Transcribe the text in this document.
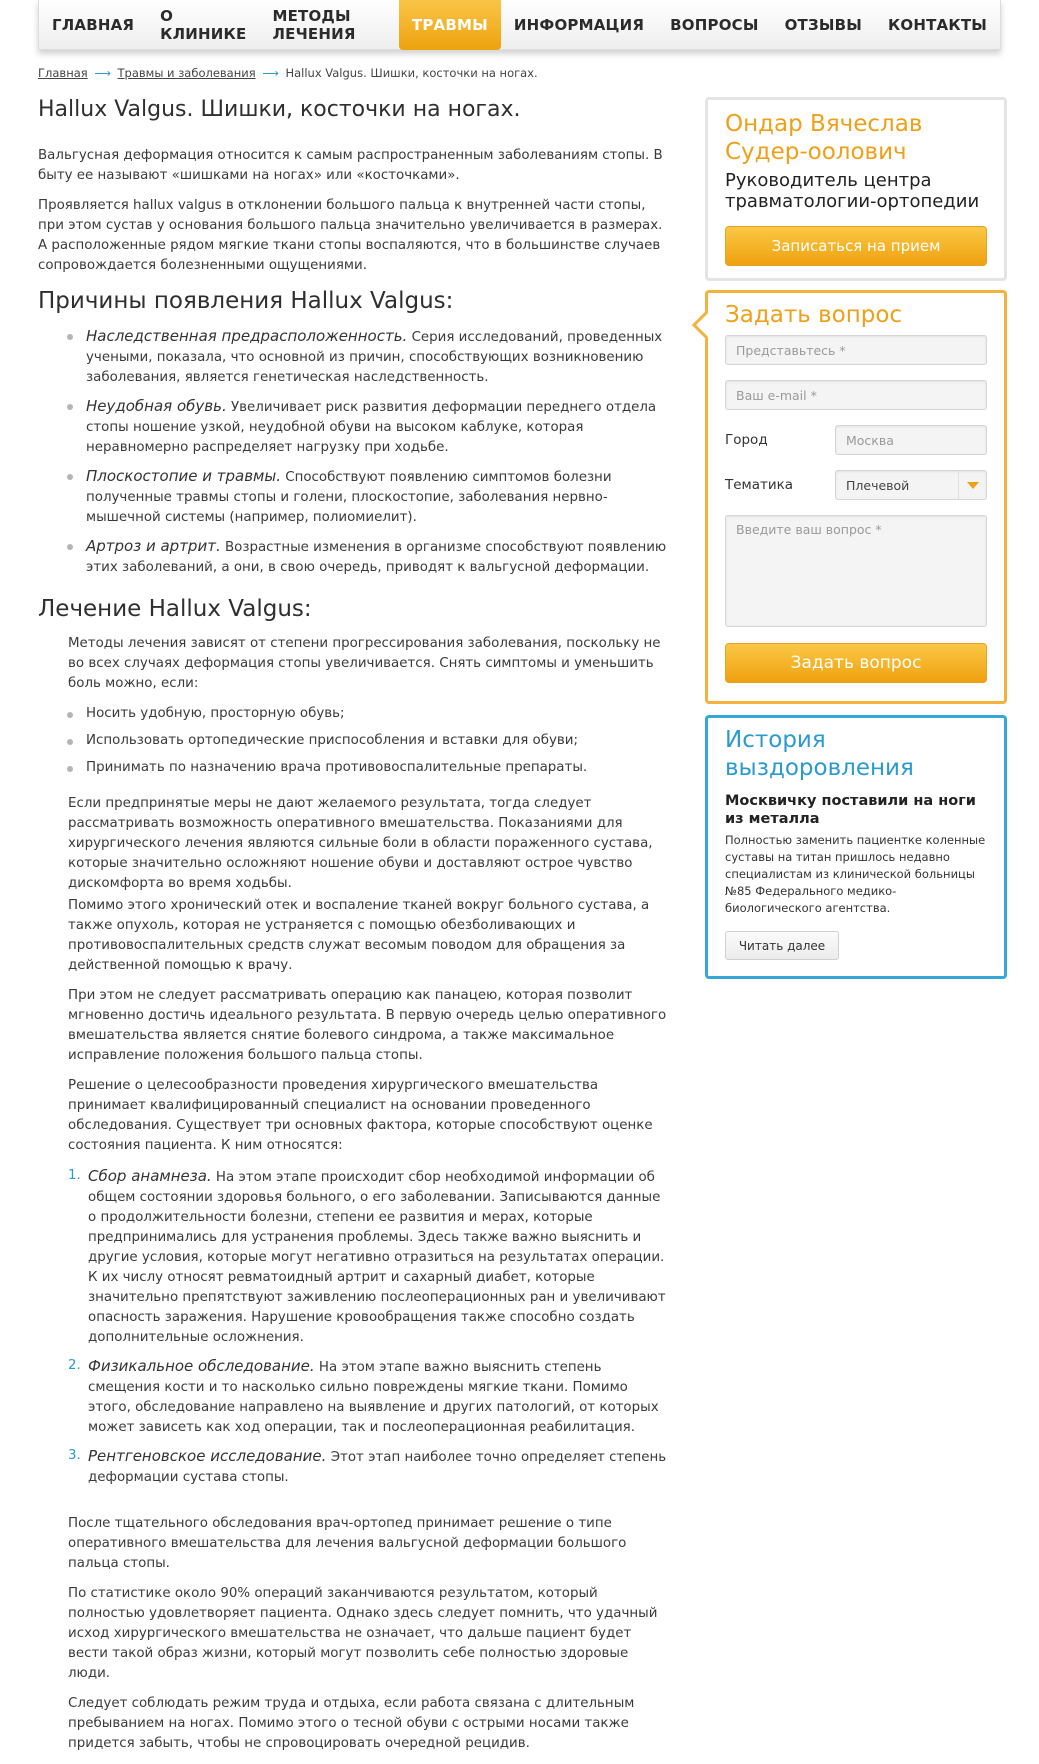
ГЛАВНАЯ	О КЛИНИКЕ
МЕТОДЫ ЛЕЧЕНИЯ	ТРАВМЫ	ИНФОРМАЦИЯ	ВОПРОСЫ	ОТЗЫВЫ	КОНТАКТЫ
Главная ⟶ Травмы и заболевания ⟶ Hallux Valgus. Шишки, косточки на ногах.
Hallux Valgus. Шишки, косточки на ногах.

Вальгусная деформация относится к самым распространенным заболеваниям стопы. В быту ее называют «шишками на ногах» или «косточками».

Проявляется hallux valgus в отклонении большого пальца к внутренней части стопы, при этом сустав у основания большого пальца значительно увеличивается в размерах. А расположенные рядом мягкие ткани стопы воспаляются, что в большинстве случаев сопровождается болезненными ощущениями.

Причины появления Hallux Valgus:
Наследственная предрасположенность. Серия исследований, проведенных учеными, показала, что основной из причин, способствующих возникновению заболевания, является генетическая наследственность.
Неудобная обувь. Увеличивает риск развития деформации переднего отдела стопы ношение узкой, неудобной обуви на высоком каблуке, которая неравномерно распределяет нагрузку при ходьбе.
Плоскостопие и травмы. Способствуют появлению симптомов болезни полученные травмы стопы и голени, плоскостопие, заболевания нервно-мышечной системы (например, полиомиелит).
Артроз и артрит. Возрастные изменения в организме способствуют появлению этих заболеваний, а они, в свою очередь, приводят к вальгусной деформации.
Лечение Hallux Valgus:

Методы лечения зависят от степени прогрессирования заболевания, поскольку не во всех случаях деформация стопы увеличивается. Снять симптомы и уменьшить боль можно, если:

Носить удобную, просторную обувь;
Использовать ортопедические приспособления и вставки для обуви;
Принимать по назначению врача противовоспалительные препараты.

Если предпринятые меры не дают желаемого результата, тогда следует рассматривать возможность оперативного вмешательства. Показаниями для хирургического лечения являются сильные боли в области пораженного сустава, которые значительно осложняют ношение обуви и доставляют острое чувство дискомфорта во время ходьбы.

Помимо этого хронический отек и воспаление тканей вокруг больного сустава, а также опухоль, которая не устраняется с помощью обезболивающих и противовоспалительных средств служат весомым поводом для обращения за действенной помощью к врачу.

При этом не следует рассматривать операцию как панацею, которая позволит мгновенно достичь идеального результата. В первую очередь целью оперативного вмешательства является снятие болевого синдрома, а также максимальное исправление положения большого пальца стопы.

Решение о целесообразности проведения хирургического вмешательства принимает квалифицированный специалист на основании проведенного обследования. Существует три основных фактора, которые способствуют оценке состояния пациента. К ним относятся:

1. Сбор анамнеза. На этом этапе происходит сбор необходимой информации об общем состоянии здоровья больного, о его заболевании. Записываются данные о продолжительности болезни, степени ее развития и мерах, которые предпринимались для устранения проблемы. Здесь также важно выяснить и другие условия, которые могут негативно отразиться на результатах операции. К их числу относят ревматоидный артрит и сахарный диабет, которые значительно препятствуют заживлению послеоперационных ран и увеличивают опасность заражения. Нарушение кровообращения также способно создать дополнительные осложнения.
2. Физикальное обследование. На этом этапе важно выяснить степень смещения кости и то насколько сильно повреждены мягкие ткани. Помимо этого, обследование направлено на выявление и других патологий, от которых может зависеть как ход операции, так и послеоперационная реабилитация.
3. Рентгеновское исследование. Этот этап наиболее точно определяет степень деформации сустава стопы.

После тщательного обследования врач-ортопед принимает решение о типе оперативного вмешательства для лечения вальгусной деформации большого пальца стопы.

По статистике около 90% операций заканчиваются результатом, который полностью удовлетворяет пациента. Однако здесь следует помнить, что удачный исход хирургического вмешательства не означает, что дальше пациент будет вести такой образ жизни, который могут позволить себе полностью здоровые люди.

Следует соблюдать режим труда и отдыха, если работа связана с длительным пребыванием на ногах. Помимо этого о тесной обуви с острыми носами также придется забыть, чтобы не спровоцировать очередной рецидив.

Ондар Вячеслав Судер-оолович
Руководитель центра травматологии-ортопедии
Записаться на прием
Задать вопрос
Представьтесь *
Ваш e-mail *
Город	Москва
Тематика	Плечевой
Введите ваш вопрос *
Задать вопрос
История выздоровления
Москвичку поставили на ноги из металла
Полностью заменить пациентке коленные суставы на титан пришлось недавно специалистам из клинической больницы №85 Федерального медико-биологического агентства.
Читать далее
